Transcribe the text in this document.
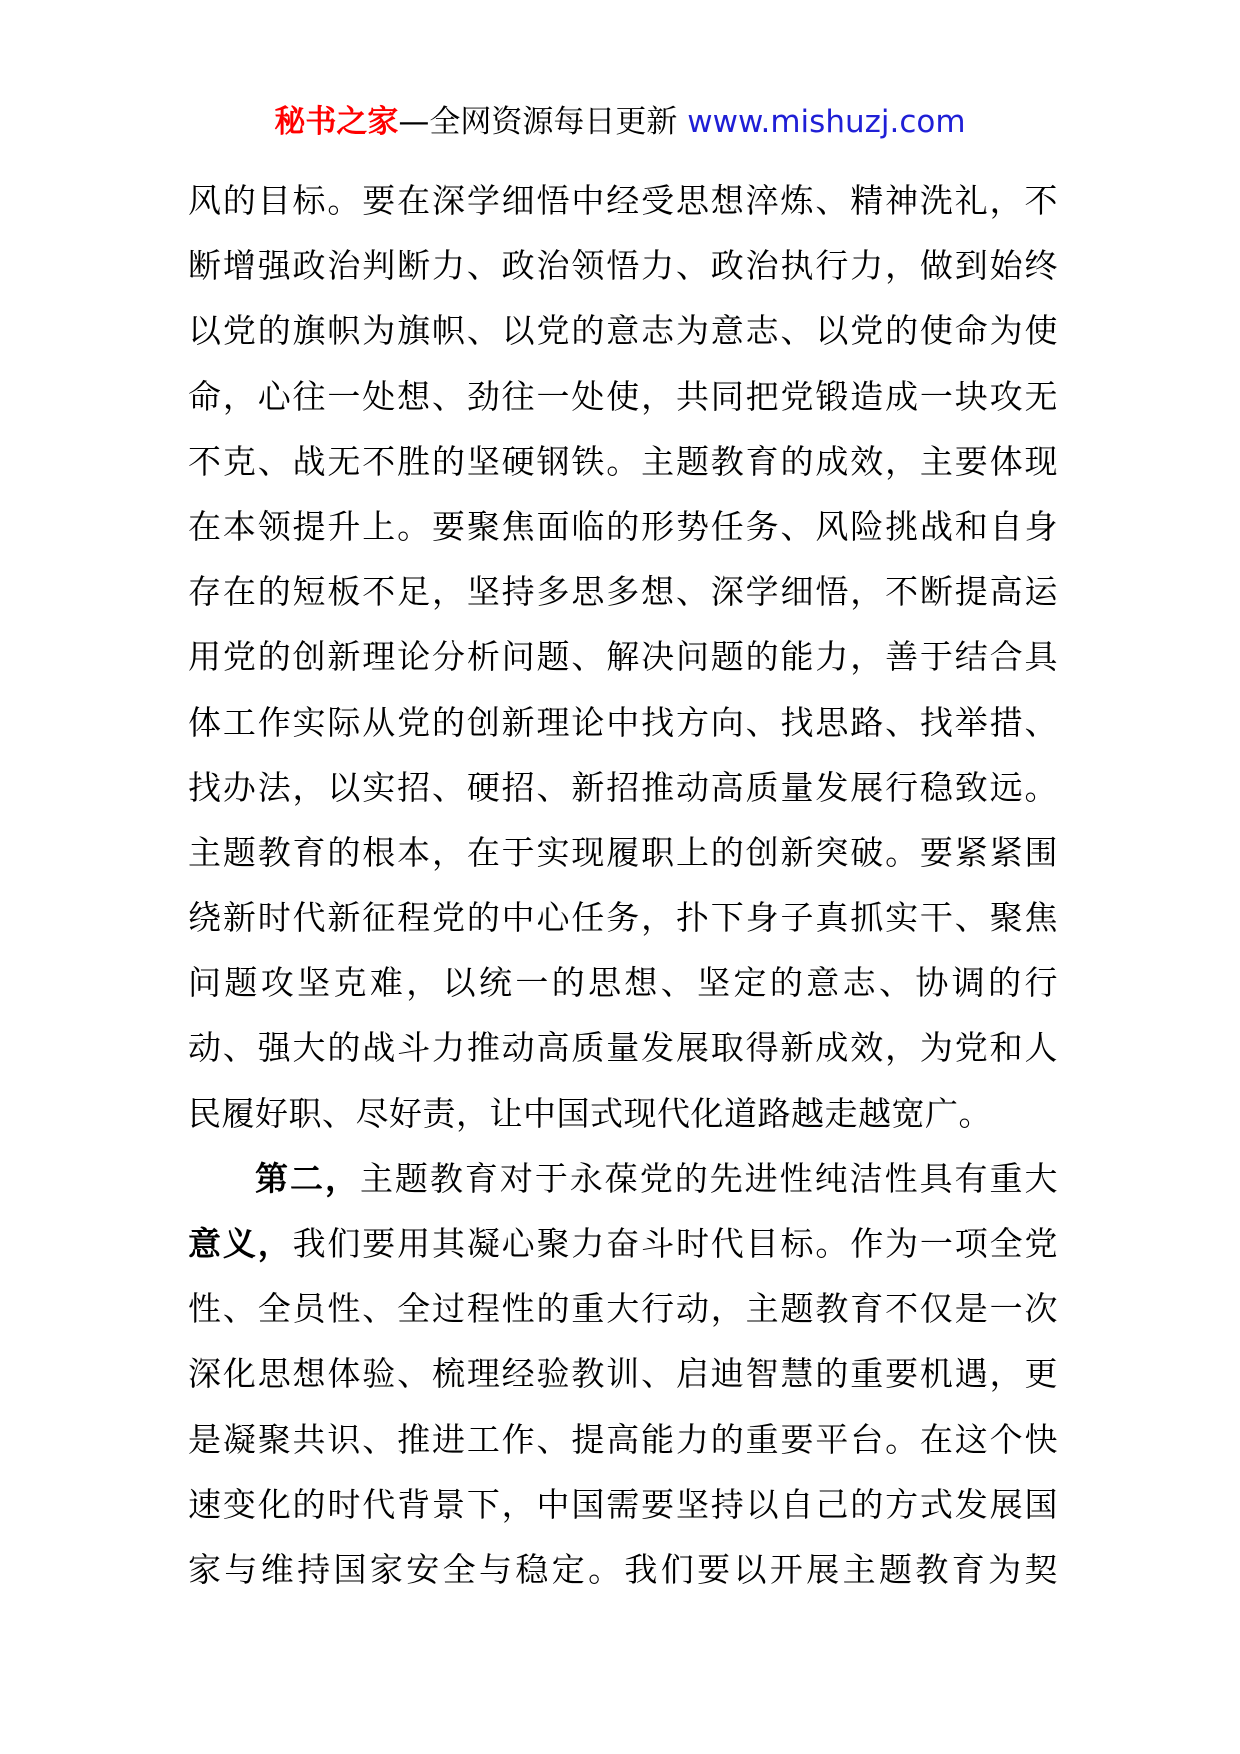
秘书之家—全网资源每日更新 www.mishuzj.com
风的目标。要在深学细悟中经受思想淬炼、精神洗礼，不
断增强政治判断力、政治领悟力、政治执行力，做到始终
以党的旗帜为旗帜、以党的意志为意志、以党的使命为使
命，心往一处想、劲往一处使，共同把党锻造成一块攻无
不克、战无不胜的坚硬钢铁。主题教育的成效，主要体现
在本领提升上。要聚焦面临的形势任务、风险挑战和自身
存在的短板不足，坚持多思多想、深学细悟，不断提高运
用党的创新理论分析问题、解决问题的能力，善于结合具
体工作实际从党的创新理论中找方向、找思路、找举措、
找办法，以实招、硬招、新招推动高质量发展行稳致远。
主题教育的根本，在于实现履职上的创新突破。要紧紧围
绕新时代新征程党的中心任务，扑下身子真抓实干、聚焦
问题攻坚克难，以统一的思想、坚定的意志、协调的行
动、强大的战斗力推动高质量发展取得新成效，为党和人
民履好职、尽好责，让中国式现代化道路越走越宽广。
第二，主题教育对于永葆党的先进性纯洁性具有重大
意义，我们要用其凝心聚力奋斗时代目标。作为一项全党
性、全员性、全过程性的重大行动，主题教育不仅是一次
深化思想体验、梳理经验教训、启迪智慧的重要机遇，更
是凝聚共识、推进工作、提高能力的重要平台。在这个快
速变化的时代背景下，中国需要坚持以自己的方式发展国
家与维持国家安全与稳定。我们要以开展主题教育为契
